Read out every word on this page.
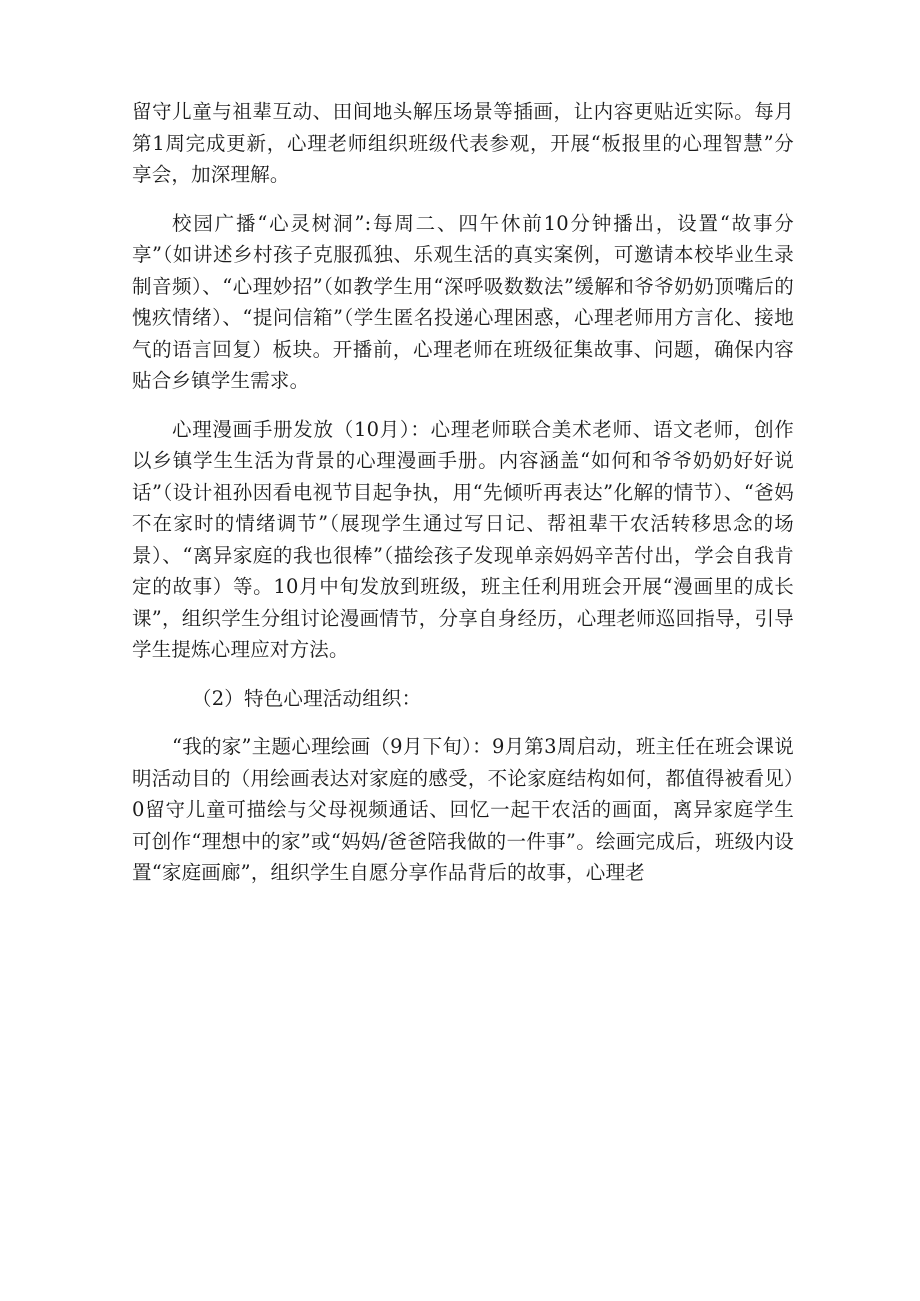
留守儿童与祖辈互动、田间地头解压场景等插画，让内容更贴近实际。每月第1周完成更新，心理老师组织班级代表参观，开展“板报里的心理智慧”分享会，加深理解。

校园广播“心灵树洞”:每周二、四午休前10分钟播出，设置“故事分享”（如讲述乡村孩子克服孤独、乐观生活的真实案例，可邀请本校毕业生录制音频）、“心理妙招”（如教学生用“深呼吸数数法”缓解和爷爷奶奶顶嘴后的愧疚情绪）、“提问信箱”（学生匿名投递心理困惑，心理老师用方言化、接地气的语言回复）板块。开播前，心理老师在班级征集故事、问题，确保内容贴合乡镇学生需求。

心理漫画手册发放（10月）：心理老师联合美术老师、语文老师，创作以乡镇学生生活为背景的心理漫画手册。内容涵盖“如何和爷爷奶奶好好说话”（设计祖孙因看电视节目起争执，用“先倾听再表达”化解的情节）、“爸妈不在家时的情绪调节”（展现学生通过写日记、帮祖辈干农活转移思念的场景）、“离异家庭的我也很棒”（描绘孩子发现单亲妈妈辛苦付出，学会自我肯定的故事）等。10月中旬发放到班级，班主任利用班会开展“漫画里的成长课”，组织学生分组讨论漫画情节，分享自身经历，心理老师巡回指导，引导学生提炼心理应对方法。

（2）特色心理活动组织：

“我的家”主题心理绘画（9月下旬）：9月第3周启动，班主任在班会课说明活动目的（用绘画表达对家庭的感受，不论家庭结构如何，都值得被看见）0留守儿童可描绘与父母视频通话、回忆一起干农活的画面，离异家庭学生可创作“理想中的家”或“妈妈/爸爸陪我做的一件事”。绘画完成后，班级内设置“家庭画廊”，组织学生自愿分享作品背后的故事，心理老
